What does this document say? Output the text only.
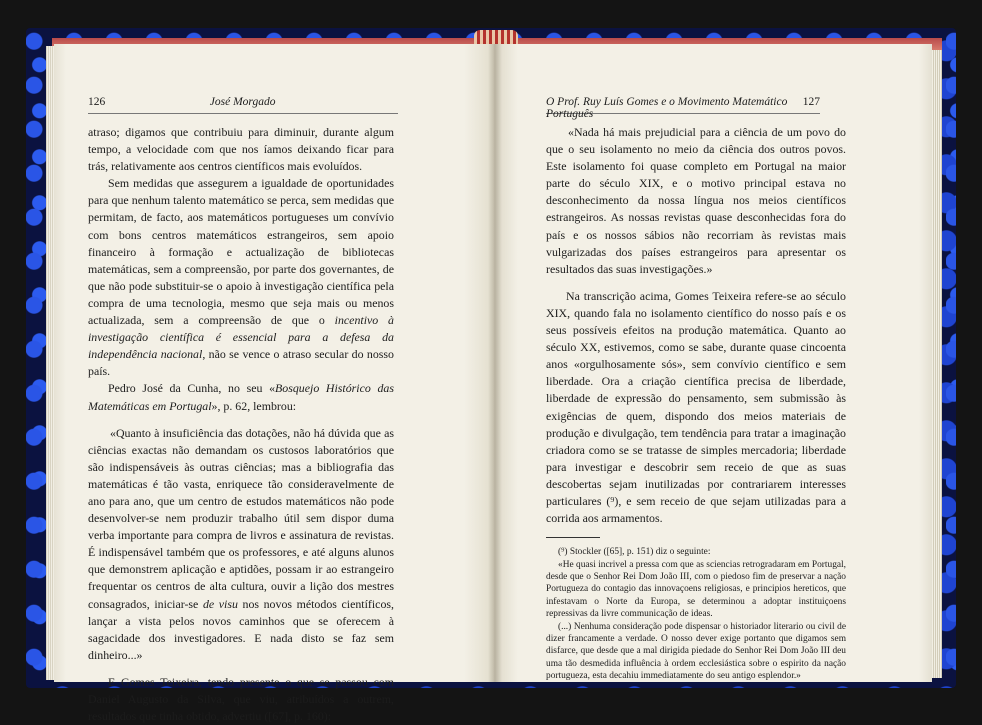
126	José Morgado

atraso; digamos que contribuiu para diminuir, durante algum tempo, a velocidade com que nos íamos deixando ficar para trás, relativamente aos centros científicos mais evoluídos.

Sem medidas que assegurem a igualdade de oportunidades para que nenhum talento matemático se perca, sem medidas que permitam, de facto, aos matemáticos portugueses um convívio com bons centros matemáticos estrangeiros, sem apoio financeiro à formação e actualização de bibliotecas matemáticas, sem a compreensão, por parte dos governantes, de que não pode substituir-se o apoio à investigação científica pela compra de uma tecnologia, mesmo que seja mais ou menos actualizada, sem a compreensão de que o incentivo à investigação científica é essencial para a defesa da independência nacional, não se vence o atraso secular do nosso país.

Pedro José da Cunha, no seu «Bosquejo Histórico das Matemáticas em Portugal», p. 62, lembrou:

«Quanto à insuficiência das dotações, não há dúvida que as ciências exactas não demandam os custosos laboratórios que são indispensáveis às outras ciências; mas a bibliografia das matemáticas é tão vasta, enriquece tão consideravelmente de ano para ano, que um centro de estudos matemáticos não pode desenvolver-se nem produzir trabalho útil sem dispor duma verba importante para compra de livros e assinatura de revistas. É indispensável também que os professores, e até alguns alunos que demonstrem aplicação e aptidões, possam ir ao estrangeiro frequentar os centros de alta cultura, ouvir a lição dos mestres consagrados, iniciar-se de visu nos novos métodos científicos, lançar a vista pelos novos caminhos que se oferecem à sagacidade dos investigadores. E nada disto se faz sem dinheiro...»

E Gomes Teixeira, tendo presente o que se passou com Daniel Augusto da Silva, que viu, atribuídos a outrem, resultados que tinha obtido, advertiu ([67], p. 160):

O Prof. Ruy Luís Gomes e o Movimento Matemático Português
127

«Nada há mais prejudicial para a ciência de um povo do que o seu isolamento no meio da ciência dos outros povos. Este isolamento foi quase completo em Portugal na maior parte do século XIX, e o motivo principal estava no desconhecimento da nossa língua nos meios científicos estrangeiros. As nossas revistas quase desconhecidas fora do país e os nossos sábios não recorriam às revistas mais vulgarizadas dos países estrangeiros para apresentar os resultados das suas investigações.»

Na transcrição acima, Gomes Teixeira refere-se ao século XIX, quando fala no isolamento científico do nosso país e os seus possíveis efeitos na produção matemática. Quanto ao século XX, estivemos, como se sabe, durante quase cincoenta anos «orgulhosamente sós», sem convívio científico e sem liberdade. Ora a criação científica precisa de liberdade, liberdade de expressão do pensamento, sem submissão às exigências de quem, dispondo dos meios materiais de produção e divulgação, tem tendência para tratar a imaginação criadora como se se tratasse de simples mercadoria; liberdade para investigar e descobrir sem receio de que as suas descobertas sejam inutilizadas por contrariarem interesses particulares (⁹), e sem receio de que sejam utilizadas para a corrida aos armamentos.

(⁹) Stockler ([65], p. 151) diz o seguinte:

«He quasi incrivel a pressa com que as sciencias retrogradaram em Portugal, desde que o Senhor Rei Dom João III, com o piedoso fim de preservar a nação Portugueza do contagio das innovaçoens religiosas, e principios hereticos, que infestavam o Norte da Europa, se determinou a adoptar instituiçoens repressivas da livre communicação de ideas.

(...) Nenhuma consideração pode dispensar o historiador literario ou civil de dizer francamente a verdade. O nosso dever exige portanto que digamos sem disfarce, que desde que a mal dirigida piedade do Senhor Rei Dom João III deu uma tão desmedida influência à ordem ecclesiástica sobre o espirito da nação portugueza, esta decahiu immediatamente do seu antigo esplendor.»
